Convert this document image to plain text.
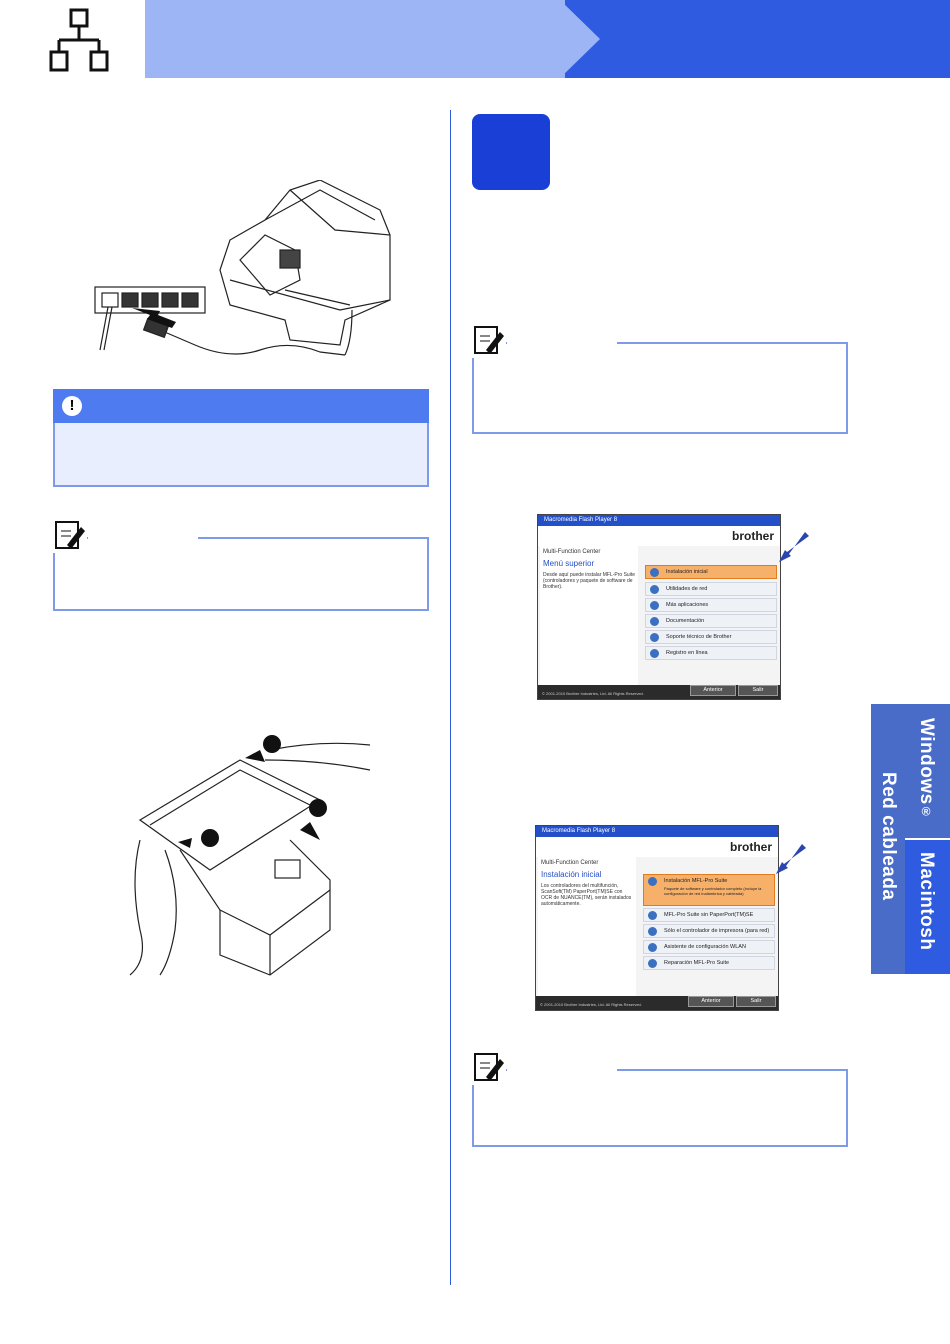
!
Macromedia Flash Player 8
brother
Multi-Function Center
Menú superior
Desde aquí puede instalar MFL-Pro Suite (controladores y paquete de software de Brother).
Instalación inicial
Utilidades de red
Más aplicaciones
Documentación
Soporte técnico de Brother
Registro en línea
© 2001-2010 Brother Industries, Ltd. All Rights Reserved.
Anterior	Salir
Macromedia Flash Player 8
brother
Multi-Function Center
Instalación inicial
Los controladores del multifunción, ScanSoft(TM) PaperPort(TM)SE con OCR de NUANCE(TM), serán instalados automáticamente.
Instalación MFL-Pro Suite
Paquete de software y controlador completo (incluye la configuración de red inalámbrica y cableada)
MFL-Pro Suite sin PaperPort(TM)SE
Sólo el controlador de impresora (para red)
Asistente de configuración WLAN
Reparación MFL-Pro Suite
© 2001-2010 Brother Industries, Ltd. All Rights Reserved.
Anterior	Salir
Red cableada
Windows®
Macintosh
